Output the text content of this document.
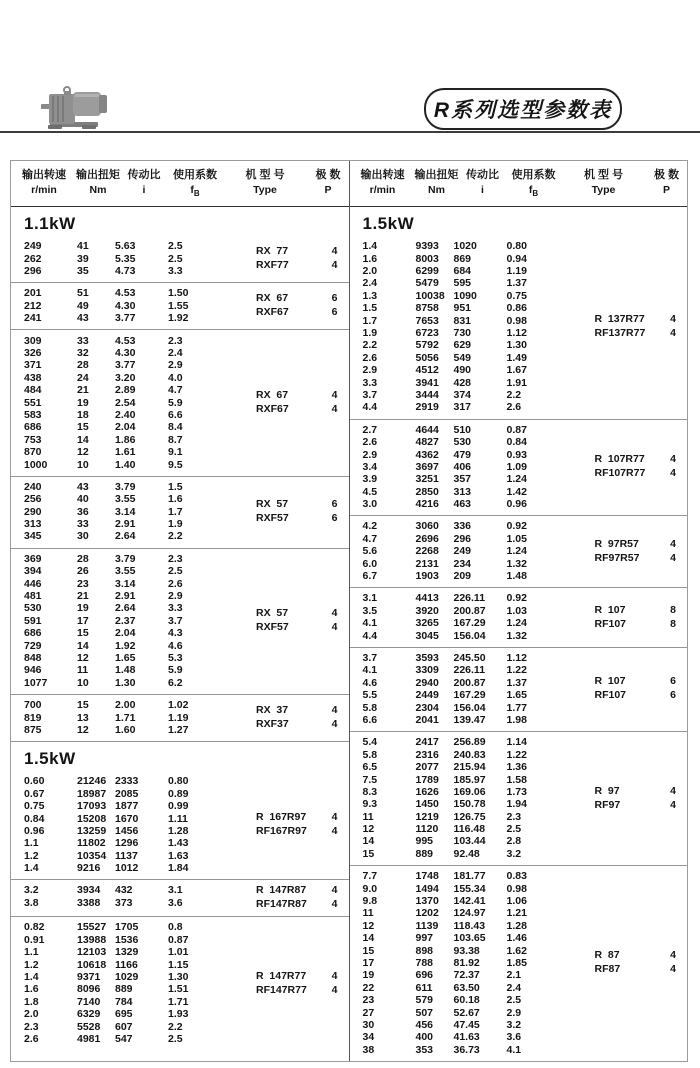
R系列选型参数表
输出转速
r/min
输出扭矩
Nm
传动比
i
使用系数
$f_B$
机 型 号
Type
极 数
P
1.1kW
249	41	5.63	2.5
262	39	5.35	2.5
296	35	4.73	3.3
RX  77	4
RXF77	4
201	51	4.53	1.50
212	49	4.30	1.55
241	43	3.77	1.92
RX  67	6
RXF67	6
309	33	4.53	2.3
326	32	4.30	2.4
371	28	3.77	2.9
438	24	3.20	4.0
484	21	2.89	4.7
551	19	2.54	5.9
583	18	2.40	6.6
686	15	2.04	8.4
753	14	1.86	8.7
870	12	1.61	9.1
1000	10	1.40	9.5
RX  67	4
RXF67	4
240	43	3.79	1.5
256	40	3.55	1.6
290	36	3.14	1.7
313	33	2.91	1.9
345	30	2.64	2.2
RX  57	6
RXF57	6
369	28	3.79	2.3
394	26	3.55	2.5
446	23	3.14	2.6
481	21	2.91	2.9
530	19	2.64	3.3
591	17	2.37	3.7
686	15	2.04	4.3
729	14	1.92	4.6
848	12	1.65	5.3
946	11	1.48	5.9
1077	10	1.30	6.2
RX  57	4
RXF57	4
700	15	2.00	1.02
819	13	1.71	1.19
875	12	1.60	1.27
RX  37	4
RXF37	4
1.5kW
0.60	21246 2333	0.80
0.67	18987 2085	0.89
0.75	17093 1877	0.99
0.84	15208 1670	1.11
0.96	13259 1456	1.28
1.1	11802 1296	1.43
1.2	10354 1137	1.63
1.4	9216	1012	1.84
R  167R97 4
RF167R97 4
3.2	3934	432	3.1
3.8	3388	373	3.6
R  147R87 4
RF147R87 4
0.82	15527 1705	0.8
0.91	13988 1536	0.87
1.1	12103 1329	1.01
1.2	10618 1166	1.15
1.4	9371	1029	1.30
1.6	8096	889	1.51
1.8	7140	784	1.71
2.0	6329	695	1.93
2.3	5528	607	2.2
2.6	4981	547	2.5
R  147R77 4
RF147R77 4
输出转速
r/min
输出扭矩
Nm
传动比
i
使用系数
$f_B$
机 型 号
Type
极 数
P
1.5kW
1.4	9393	1020	0.80
1.6	8003	869	0.94
2.0	6299	684	1.19
2.4	5479	595	1.37
1.3	10038 1090	0.75
1.5	8758	951	0.86
1.7	7653	831	0.98
1.9	6723	730	1.12
2.2	5792	629	1.30
2.6	5056	549	1.49
2.9	4512	490	1.67
3.3	3941	428	1.91
3.7	3444	374	2.2
4.4	2919	317	2.6
R  137R77 4
RF137R77 4
2.7	4644	510	0.87
2.6	4827	530	0.84
2.9	4362	479	0.93
3.4	3697	406	1.09
3.9	3251	357	1.24
4.5	2850	313	1.42
3.0	4216	463	0.96
R  107R77 4
RF107R77 4
4.2	3060	336	0.92
4.7	2696	296	1.05
5.6	2268	249	1.24
6.0	2131	234	1.32
6.7	1903	209	1.48
R  97R57	4
RF97R57	4
3.1	4413	226.11	0.92
3.5	3920	200.87	1.03
4.1	3265	167.29	1.24
4.4	3045	156.04	1.32
R  107	8
RF107	8
3.7	3593	245.50	1.12
4.1	3309	226.11	1.22
4.6	2940	200.87	1.37
5.5	2449	167.29	1.65
5.8	2304	156.04	1.77
6.6	2041	139.47	1.98
R  107	6
RF107	6
5.4	2417	256.89	1.14
5.8	2316	240.83	1.22
6.5	2077	215.94	1.36
7.5	1789	185.97	1.58
8.3	1626	169.06	1.73
9.3	1450	150.78	1.94
11	1219	126.75	2.3
12	1120	116.48	2.5
14	995	103.44	2.8
15	889	92.48	3.2
R  97	4
RF97	4
7.7	1748	181.77	0.83
9.0	1494	155.34	0.98
9.8	1370	142.41	1.06
11	1202	124.97	1.21
12	1139	118.43	1.28
14	997	103.65	1.46
15	898	93.38	1.62
17	788	81.92	1.85
19	696	72.37	2.1
22	611	63.50	2.4
23	579	60.18	2.5
27	507	52.67	2.9
30	456	47.45	3.2
34	400	41.63	3.6
38	353	36.73	4.1
R  87	4
RF87	4
